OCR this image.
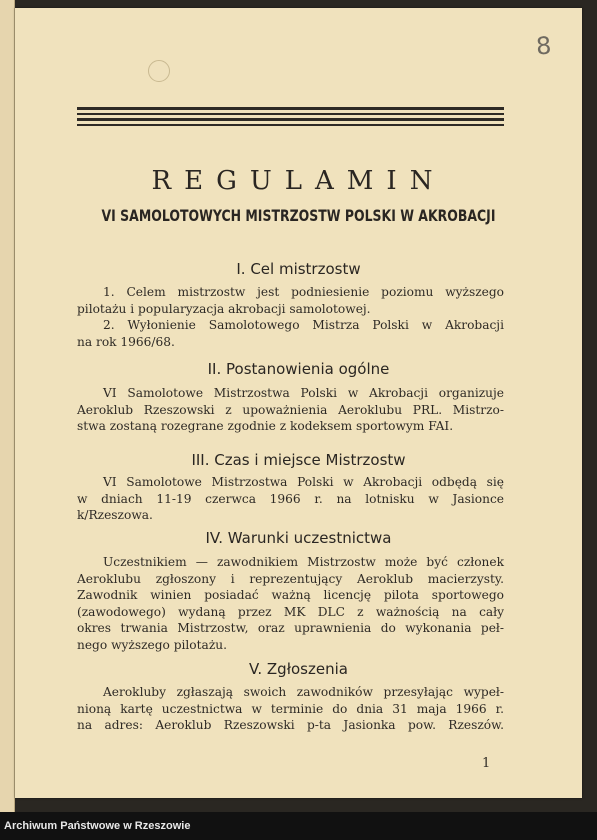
8
REGULAMIN
VI SAMOLOTOWYCH MISTRZOSTW POLSKI W AKROBACJI
I. Cel mistrzostw
1. Celem mistrzostw jest podniesienie poziomu wyższego
pilotażu i popularyzacja akrobacji samolotowej.
2. Wyłonienie Samolotowego Mistrza Polski w Akrobacji
na rok 1966/68.
II. Postanowienia ogólne
VI Samolotowe Mistrzostwa Polski w Akrobacji organizuje
Aeroklub Rzeszowski z upoważnienia Aeroklubu PRL. Mistrzo-
stwa zostaną rozegrane zgodnie z kodeksem sportowym FAI.
III. Czas i miejsce Mistrzostw
VI Samolotowe Mistrzostwa Polski w Akrobacji odbędą się
w dniach 11-19 czerwca 1966 r. na lotnisku w Jasionce
k/Rzeszowa.
IV. Warunki uczestnictwa
Uczestnikiem — zawodnikiem Mistrzostw może być członek
Aeroklubu zgłoszony i reprezentujący Aeroklub macierzysty.
Zawodnik winien posiadać ważną licencję pilota sportowego
(zawodowego) wydaną przez MK DLC z ważnością na cały
okres trwania Mistrzostw, oraz uprawnienia do wykonania peł-
nego wyższego pilotażu.
V. Zgłoszenia
Aerokluby zgłaszają swoich zawodników przesyłając wypeł-
nioną kartę uczestnictwa w terminie do dnia 31 maja 1966 r.
na adres: Aeroklub Rzeszowski p-ta Jasionka pow. Rzeszów.
1
Archiwum Państwowe w Rzeszowie
